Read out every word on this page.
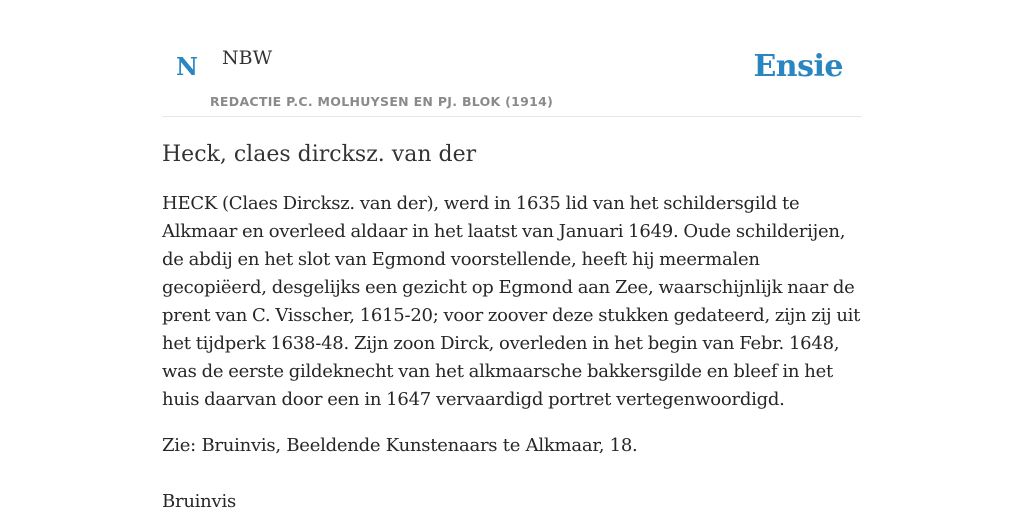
N NBW
REDACTIE P.C. MOLHUYSEN EN PJ. BLOK (1914)
Ensie
Heck, claes dircksz. van der

HECK (Claes Dircksz. van der), werd in 1635 lid van het schildersgild te Alkmaar en overleed aldaar in het laatst van Januari 1649. Oude schilderijen, de abdij en het slot van Egmond voorstellende, heeft hij meermalen gecopiëerd, desgelijks een gezicht op Egmond aan Zee, waarschijnlijk naar de prent van C. Visscher, 1615-20; voor zoover deze stukken gedateerd, zijn zij uit het tijdperk 1638-48. Zijn zoon Dirck, overleden in het begin van Febr. 1648, was de eerste gildeknecht van het alkmaarsche bakkersgilde en bleef in het huis daarvan door een in 1647 vervaardigd portret vertegenwoordigd.

Zie: Bruinvis, Beeldende Kunstenaars te Alkmaar, 18.

Bruinvis
